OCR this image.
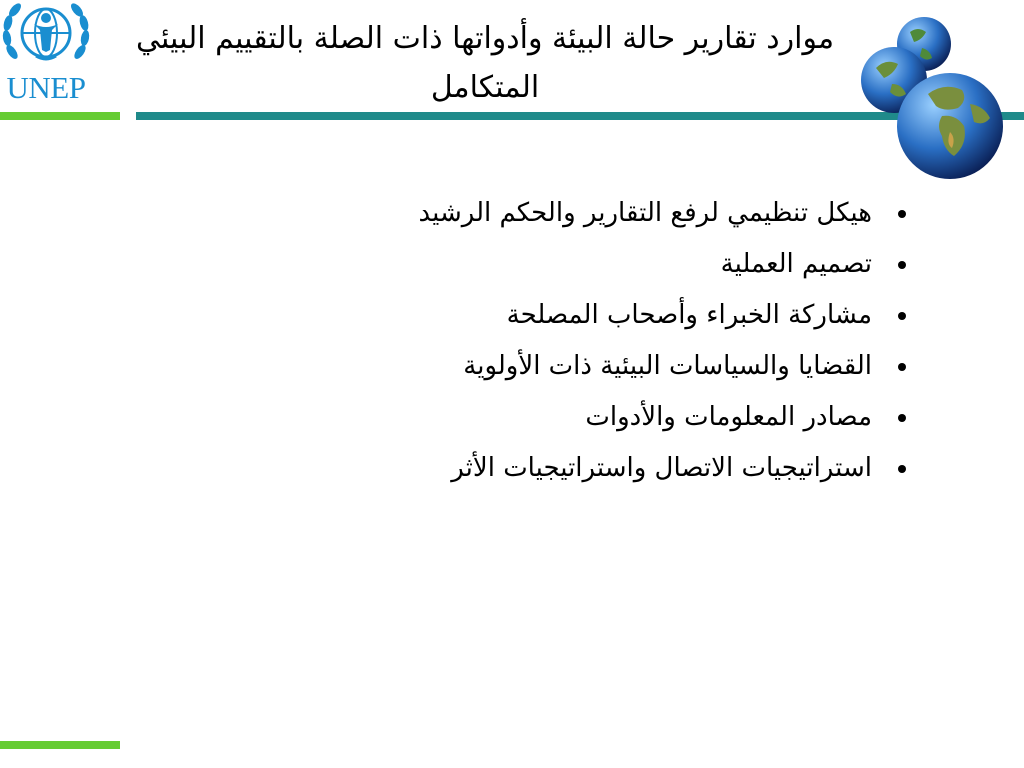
UNEP
موارد تقارير حالة البيئة وأدواتها ذات الصلة بالتقييم البيئي المتكامل
هيكل تنظيمي لرفع التقارير والحكم الرشيد
تصميم العملية
مشاركة الخبراء وأصحاب المصلحة
القضايا والسياسات البيئية ذات الأولوية
مصادر المعلومات والأدوات
استراتيجيات الاتصال واستراتيجيات الأثر
